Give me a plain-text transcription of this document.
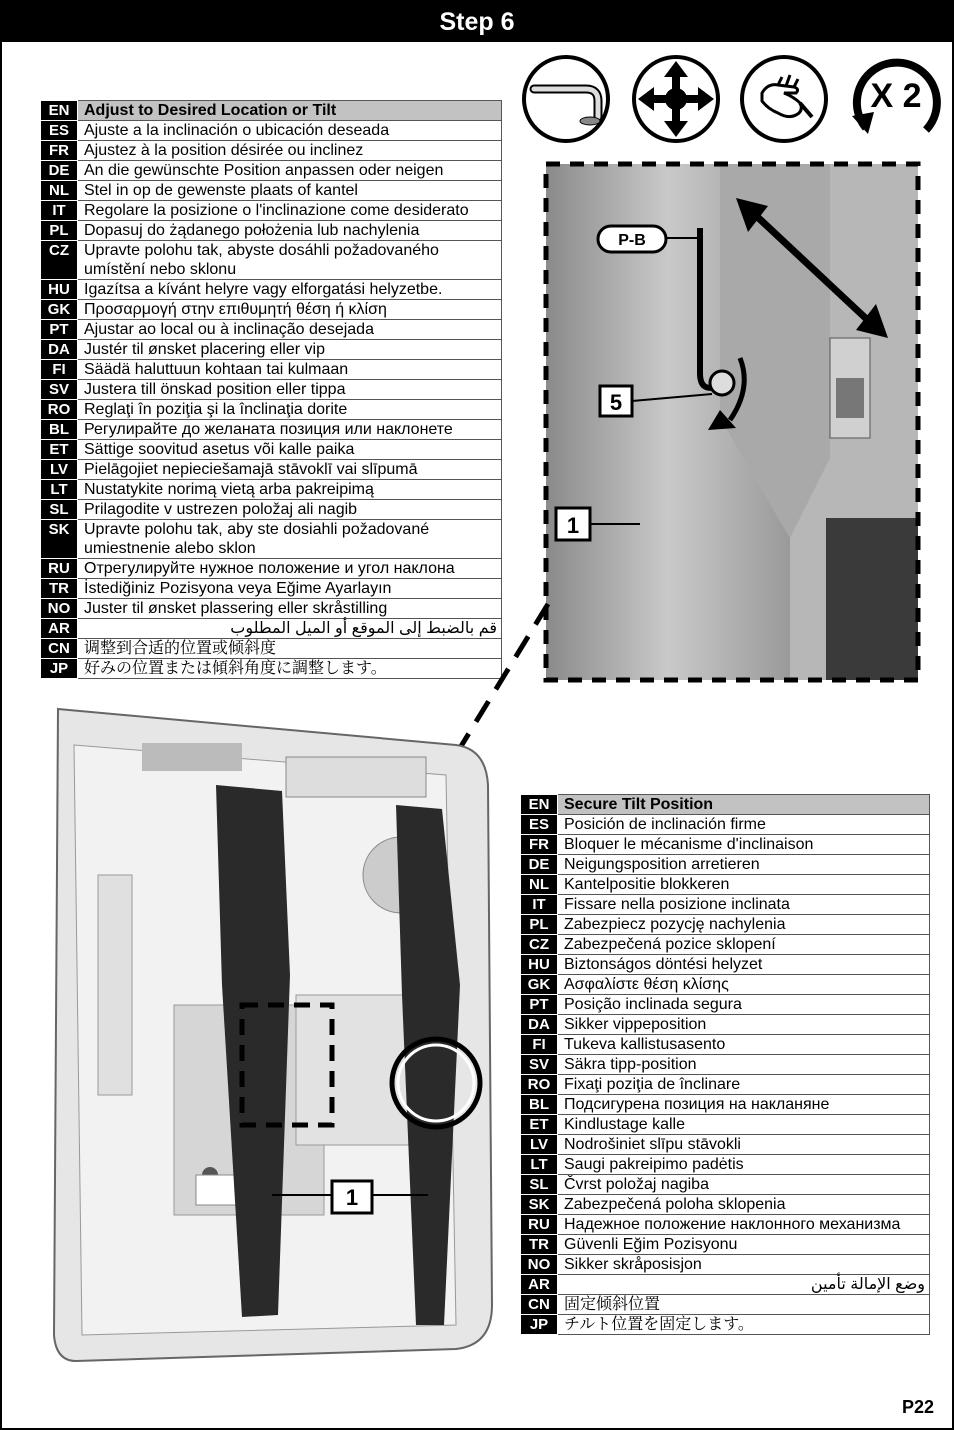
Step 6
X 2
EN	Adjust to Desired Location or Tilt
ES	Ajuste a la inclinación o ubicación deseada
FR	Ajustez à la position désirée ou inclinez
DE	An die gewünschte Position anpassen oder neigen
NL	Stel in op de gewenste plaats of kantel
IT	Regolare la posizione o l'inclinazione come desiderato
PL	Dopasuj do żądanego położenia lub nachylenia
CZ	Upravte polohu tak, abyste dosáhli požadovaného umístění nebo sklonu
HU	Igazítsa a kívánt helyre vagy elforgatási helyzetbe.
GK	Προσαρμογή στην επιθυμητή θέση ή κλίση
PT	Ajustar ao local ou à inclinação desejada
DA	Justér til ønsket placering eller vip
FI	Säädä haluttuun kohtaan tai kulmaan
SV	Justera till önskad position eller tippa
RO	Reglaţi în poziţia şi la înclinaţia dorite
BL	Регулирайте до желаната позиция или наклонете
ET	Sättige soovitud asetus või kalle paika
LV	Pielāgojiet nepieciešamajā stāvoklī vai slīpumā
LT	Nustatykite norimą vietą arba pakreipimą
SL	Prilagodite v ustrezen položaj ali nagib
SK	Upravte polohu tak, aby ste dosiahli požadované umiestnenie alebo sklon
RU	Отрегулируйте нужное положение и угол наклона
TR	İstediğiniz Pozisyona veya Eğime Ayarlayın
NO	Juster til ønsket plassering eller skråstilling
AR	قم بالضبط إلى الموقع أو الميل المطلوب
CN	调整到合适的位置或倾斜度
JP	好みの位置または傾斜角度に調整します。
P-B
5
1
1
EN	Secure Tilt Position
ES	Posición de inclinación firme
FR	Bloquer le mécanisme d'inclinaison
DE	Neigungsposition arretieren
NL	Kantelpositie blokkeren
IT	Fissare nella posizione inclinata
PL	Zabezpiecz pozycję nachylenia
CZ	Zabezpečená pozice sklopení
HU	Biztonságos döntési helyzet
GK	Ασφαλίστε θέση κλίσης
PT	Posição inclinada segura
DA	Sikker vippeposition
FI	Tukeva kallistusasento
SV	Säkra tipp-position
RO	Fixaţi poziţia de înclinare
BL	Подсигурена позиция на накланяне
ET	Kindlustage kalle
LV	Nodrošiniet slīpu stāvokli
LT	Saugi pakreipimo padėtis
SL	Čvrst položaj nagiba
SK	Zabezpečená poloha sklopenia
RU	Надежное положение наклонного механизма
TR	Güvenli Eğim Pozisyonu
NO	Sikker skråposisjon
AR	وضع الإمالة تأمين
CN	固定倾斜位置
JP	チルト位置を固定します。
P22
